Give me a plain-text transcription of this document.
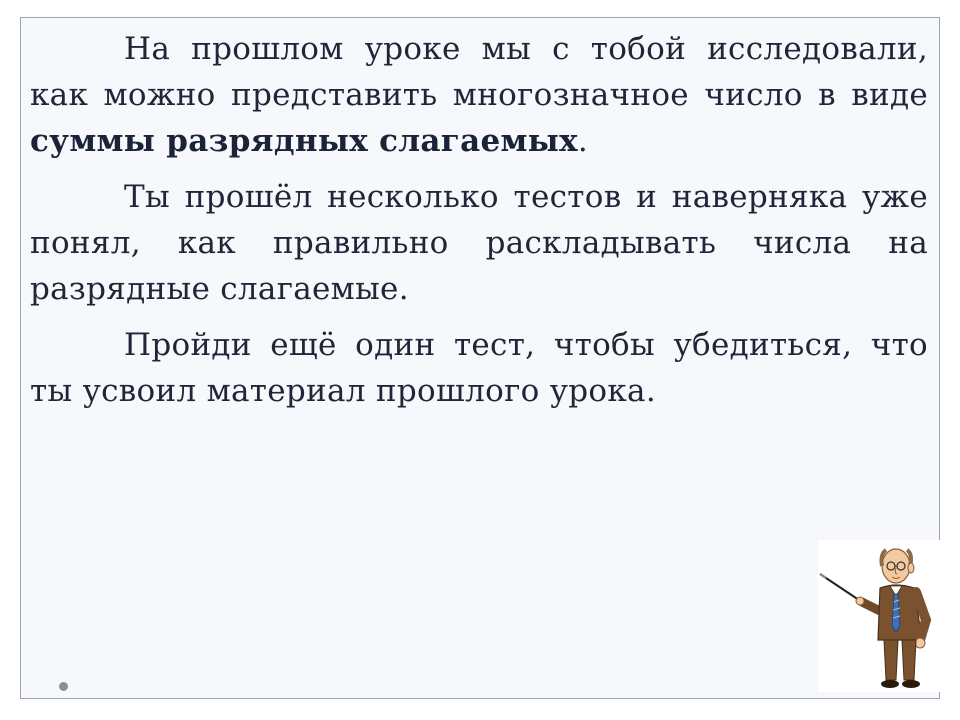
На прошлом уроке мы с тобой исследовали, как можно представить многозначное число в виде суммы разрядных слагаемых.

Ты прошёл несколько тестов и наверняка уже понял, как правильно раскладывать числа на разрядные слагаемые.

Пройди ещё один тест, чтобы убедиться, что ты усвоил материал прошлого урока.
